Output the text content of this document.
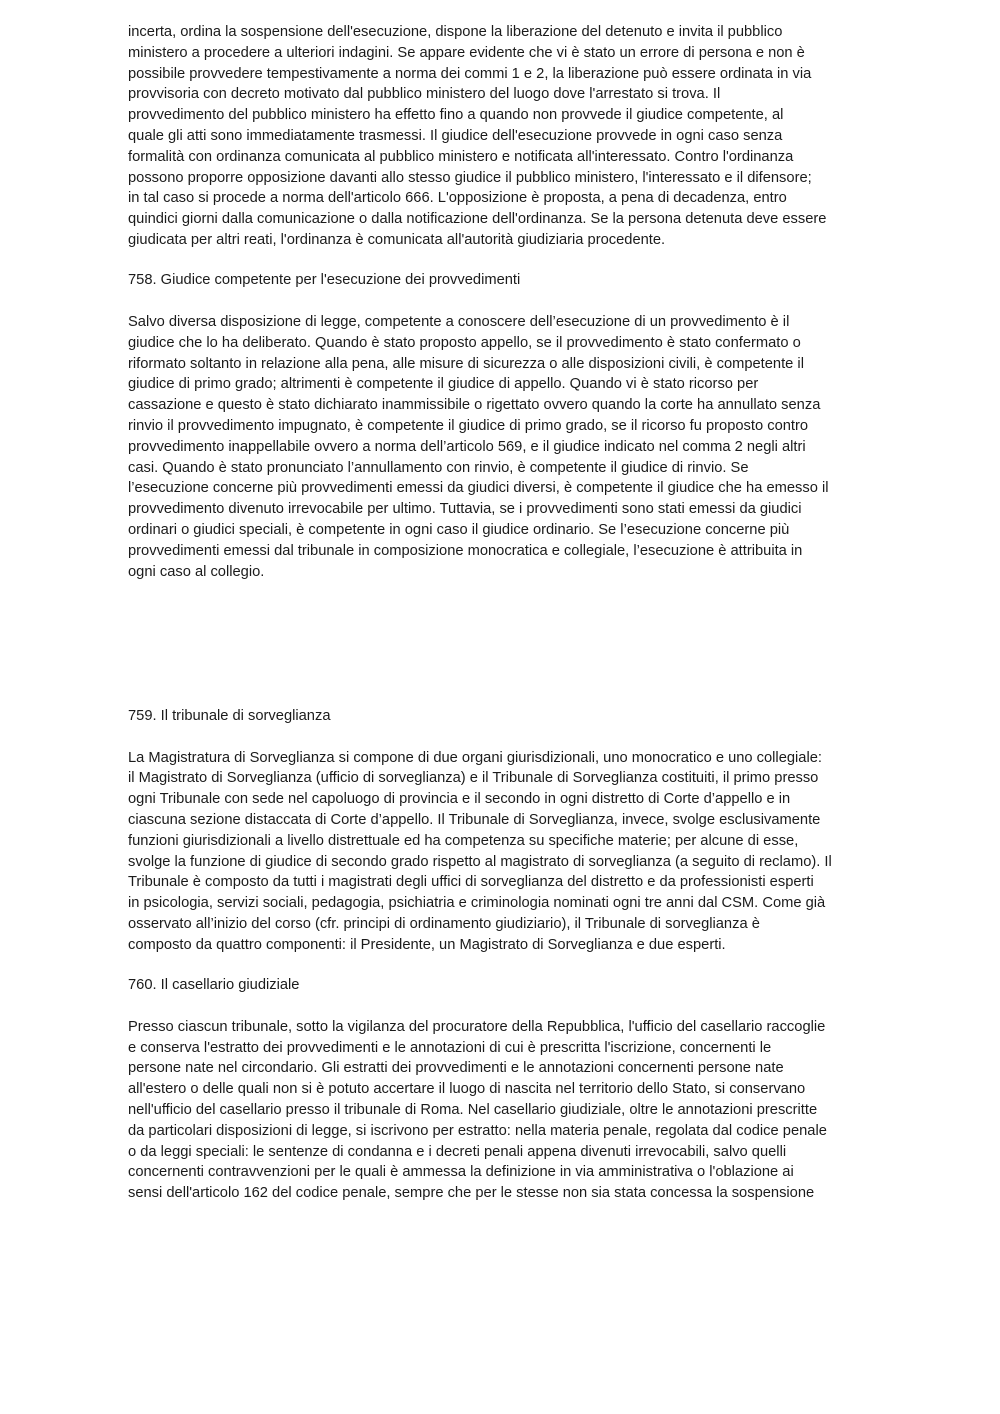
incerta, ordina la sospensione dell'esecuzione, dispone la liberazione del detenuto e invita il pubblico

ministero a procedere a ulteriori indagini. Se appare evidente che vi è stato un errore di persona e non è

possibile provvedere tempestivamente a norma dei commi 1 e 2, la liberazione può essere ordinata in via

provvisoria con decreto motivato dal pubblico ministero del luogo dove l'arrestato si trova. Il

provvedimento del pubblico ministero ha effetto fino a quando non provvede il giudice competente, al

quale gli atti sono immediatamente trasmessi. Il giudice dell'esecuzione provvede in ogni caso senza

formalità con ordinanza comunicata al pubblico ministero e notificata all'interessato. Contro l'ordinanza

possono proporre opposizione davanti allo stesso giudice il pubblico ministero, l'interessato e il difensore;

in tal caso si procede a norma dell'articolo 666. L'opposizione è proposta, a pena di decadenza, entro

quindici giorni dalla comunicazione o dalla notificazione dell'ordinanza. Se la persona detenuta deve essere

giudicata per altri reati, l'ordinanza è comunicata all'autorità giudiziaria procedente.

758. Giudice competente per l'esecuzione dei provvedimenti

Salvo diversa disposizione di legge, competente a conoscere dell’esecuzione di un provvedimento è il

giudice che lo ha deliberato. Quando è stato proposto appello, se il provvedimento è stato confermato o

riformato soltanto in relazione alla pena, alle misure di sicurezza o alle disposizioni civili, è competente il

giudice di primo grado; altrimenti è competente il giudice di appello. Quando vi è stato ricorso per

cassazione e questo è stato dichiarato inammissibile o rigettato ovvero quando la corte ha annullato senza

rinvio il provvedimento impugnato, è competente il giudice di primo grado, se il ricorso fu proposto contro

provvedimento inappellabile ovvero a norma dell’articolo 569, e il giudice indicato nel comma 2 negli altri

casi. Quando è stato pronunciato l’annullamento con rinvio, è competente il giudice di rinvio. Se

l’esecuzione concerne più provvedimenti emessi da giudici diversi, è competente il giudice che ha emesso il

provvedimento divenuto irrevocabile per ultimo. Tuttavia, se i provvedimenti sono stati emessi da giudici

ordinari o giudici speciali, è competente in ogni caso il giudice ordinario. Se l’esecuzione concerne più

provvedimenti emessi dal tribunale in composizione monocratica e collegiale, l’esecuzione è attribuita in

ogni caso al collegio.

759. Il tribunale di sorveglianza

La Magistratura di Sorveglianza si compone di due organi giurisdizionali, uno monocratico e uno collegiale:

il Magistrato di Sorveglianza (ufficio di sorveglianza) e il Tribunale di Sorveglianza costituiti, il primo presso

ogni Tribunale con sede nel capoluogo di provincia e il secondo in ogni distretto di Corte d’appello e in

ciascuna sezione distaccata di Corte d’appello. Il Tribunale di Sorveglianza, invece, svolge esclusivamente

funzioni giurisdizionali a livello distrettuale ed ha competenza su specifiche materie; per alcune di esse,

svolge la funzione di giudice di secondo grado rispetto al magistrato di sorveglianza (a seguito di reclamo). Il

Tribunale è composto da tutti i magistrati degli uffici di sorveglianza del distretto e da professionisti esperti

in psicologia, servizi sociali, pedagogia, psichiatria e criminologia nominati ogni tre anni dal CSM. Come già

osservato all’inizio del corso (cfr. principi di ordinamento giudiziario), il Tribunale di sorveglianza è

composto da quattro componenti: il Presidente, un Magistrato di Sorveglianza e due esperti.

760. Il casellario giudiziale

Presso ciascun tribunale, sotto la vigilanza del procuratore della Repubblica, l'ufficio del casellario raccoglie

e conserva l'estratto dei provvedimenti e le annotazioni di cui è prescritta l'iscrizione, concernenti le

persone nate nel circondario. Gli estratti dei provvedimenti e le annotazioni concernenti persone nate

all'estero o delle quali non si è potuto accertare il luogo di nascita nel territorio dello Stato, si conservano

nell'ufficio del casellario presso il tribunale di Roma. Nel casellario giudiziale, oltre le annotazioni prescritte

da particolari disposizioni di legge, si iscrivono per estratto: nella materia penale, regolata dal codice penale

o da leggi speciali: le sentenze di condanna e i decreti penali appena divenuti irrevocabili, salvo quelli

concernenti contravvenzioni per le quali è ammessa la definizione in via amministrativa o l'oblazione ai

sensi dell'articolo 162 del codice penale, sempre che per le stesse non sia stata concessa la sospensione
